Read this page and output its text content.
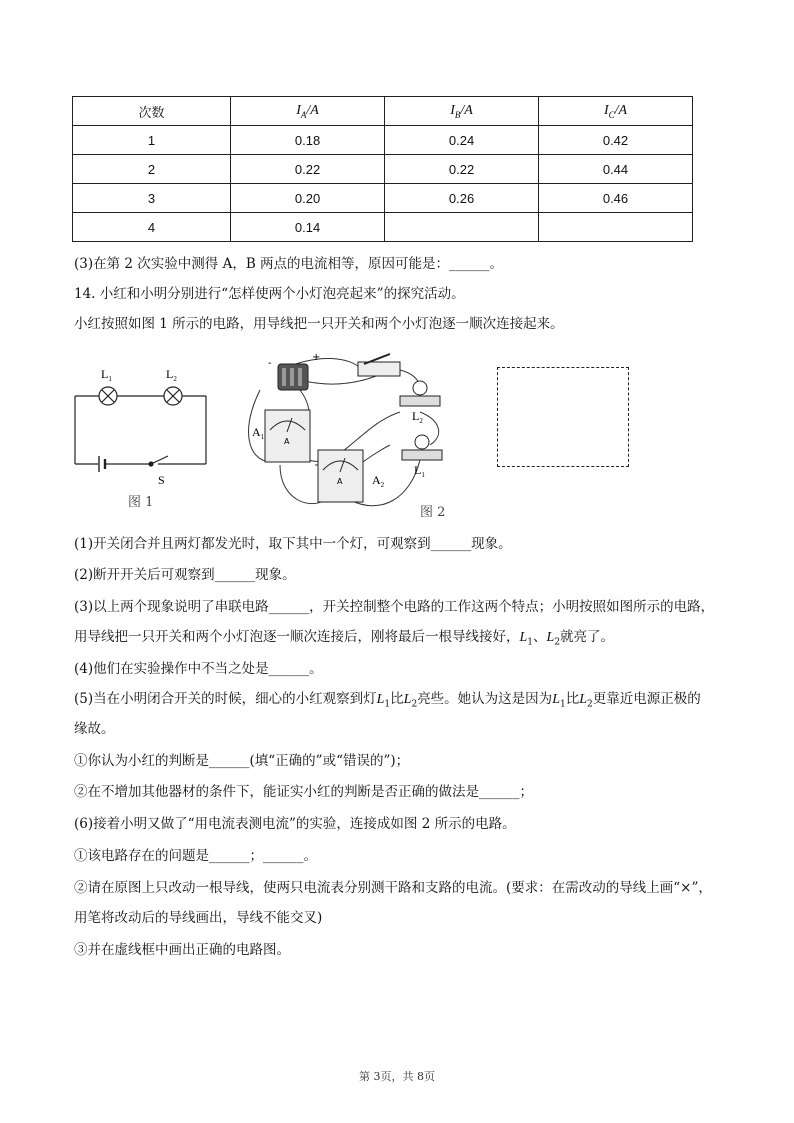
次数	$I_A/A$	$I_B/A$	$I_C/A$
1	0.18	0.24	0.42
2	0.22	0.22	0.44
3	0.20	0.26	0.46
4	0.14		
(3)在第 2 次实验中测得 A，B 两点的电流相等，原因可能是：______。
14. 小红和小明分别进行“怎样使两个小灯泡亮起来”的探究活动。
小红按照如图 1 所示的电路，用导线把一只开关和两个小灯泡逐一顺次连接起来。
$L_1$	$L_2$
S
图 1
-
+
A
A
$A_1$
$A_2$
$L_2$
$L_1$
图 2
(1)开关闭合并且两灯都发光时，取下其中一个灯，可观察到______现象。
(2)断开开关后可观察到______现象。
(3)以上两个现象说明了串联电路______，开关控制整个电路的工作这两个特点；小明按照如图所示的电路，
用导线把一只开关和两个小灯泡逐一顺次连接后，刚将最后一根导线接好，$L_1$、$L_2$就亮了。
(4)他们在实验操作中不当之处是______。
(5)当在小明闭合开关的时候，细心的小红观察到灯$L_1$比$L_2$亮些。她认为这是因为$L_1$比$L_2$更靠近电源正极的
缘故。
①你认为小红的判断是______(填“正确的”或“错误的”)；
②在不增加其他器材的条件下，能证实小红的判断是否正确的做法是______；
(6)接着小明又做了“用电流表测电流”的实验，连接成如图 2 所示的电路。
①该电路存在的问题是______；______。
②请在原图上只改动一根导线，使两只电流表分别测干路和支路的电流。(要求：在需改动的导线上画“×”，
用笔将改动后的导线画出，导线不能交叉)
③并在虚线框中画出正确的电路图。
第 3页，共 8页
